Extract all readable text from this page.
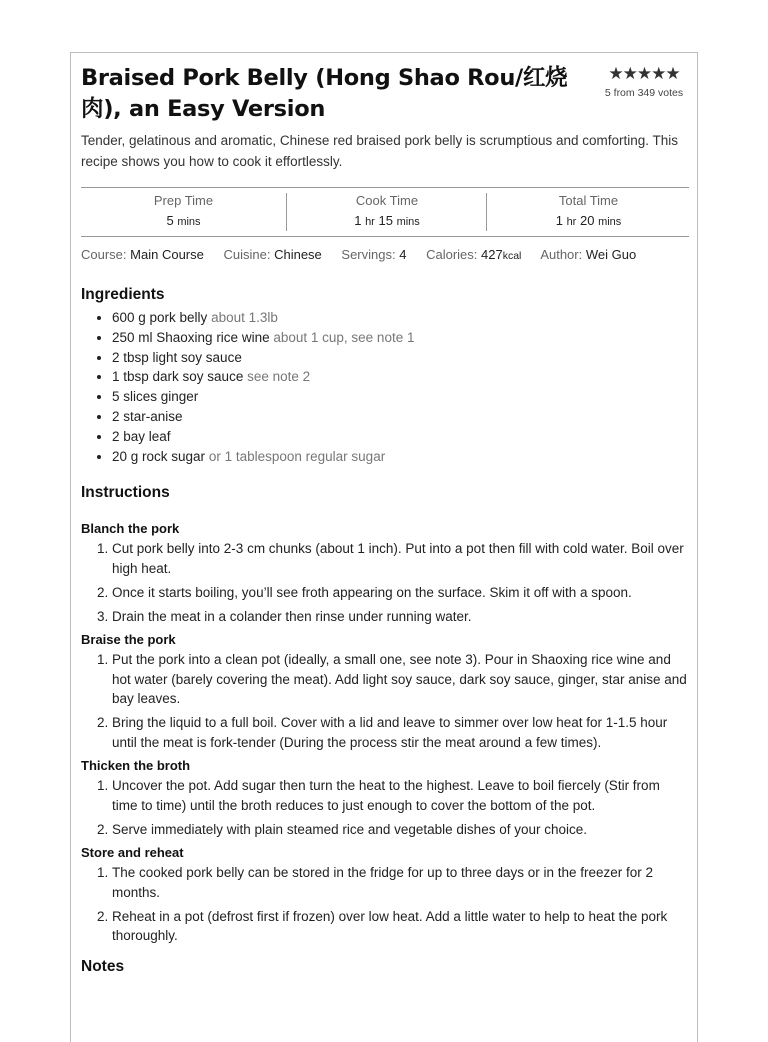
Braised Pork Belly (Hong Shao Rou/红烧肉), an Easy Version
★★★★★
5 from 349 votes

Tender, gelatinous and aromatic, Chinese red braised pork belly is scrumptious and comforting. This recipe shows you how to cook it effortlessly.

Prep Time
5 mins
Cook Time
1 hr 15 mins
Total Time
1 hr 20 mins
Course: Main Course Cuisine: Chinese Servings: 4 Calories: 427kcal Author: Wei Guo
Ingredients
• 600 g pork belly about 1.3lb
• 250 ml Shaoxing rice wine about 1 cup, see note 1
• 2 tbsp light soy sauce
• 1 tbsp dark soy sauce see note 2
• 5 slices ginger
• 2 star-anise
• 2 bay leaf
• 20 g rock sugar or 1 tablespoon regular sugar
Instructions
Blanch the pork
1. Cut pork belly into 2-3 cm chunks (about 1 inch). Put into a pot then fill with cold water. Boil over high heat.
2. Once it starts boiling, you’ll see froth appearing on the surface. Skim it off with a spoon.
3. Drain the meat in a colander then rinse under running water.
Braise the pork
1. Put the pork into a clean pot (ideally, a small one, see note 3). Pour in Shaoxing rice wine and hot water (barely covering the meat). Add light soy sauce, dark soy sauce, ginger, star anise and bay leaves.
2. Bring the liquid to a full boil. Cover with a lid and leave to simmer over low heat for 1-1.5 hour until the meat is fork-tender (During the process stir the meat around a few times).
Thicken the broth
1. Uncover the pot. Add sugar then turn the heat to the highest. Leave to boil fiercely (Stir from time to time) until the broth reduces to just enough to cover the bottom of the pot.
2. Serve immediately with plain steamed rice and vegetable dishes of your choice.
Store and reheat
1. The cooked pork belly can be stored in the fridge for up to three days or in the freezer for 2 months.
2. Reheat in a pot (defrost first if frozen) over low heat. Add a little water to help to heat the pork thoroughly.
Notes
